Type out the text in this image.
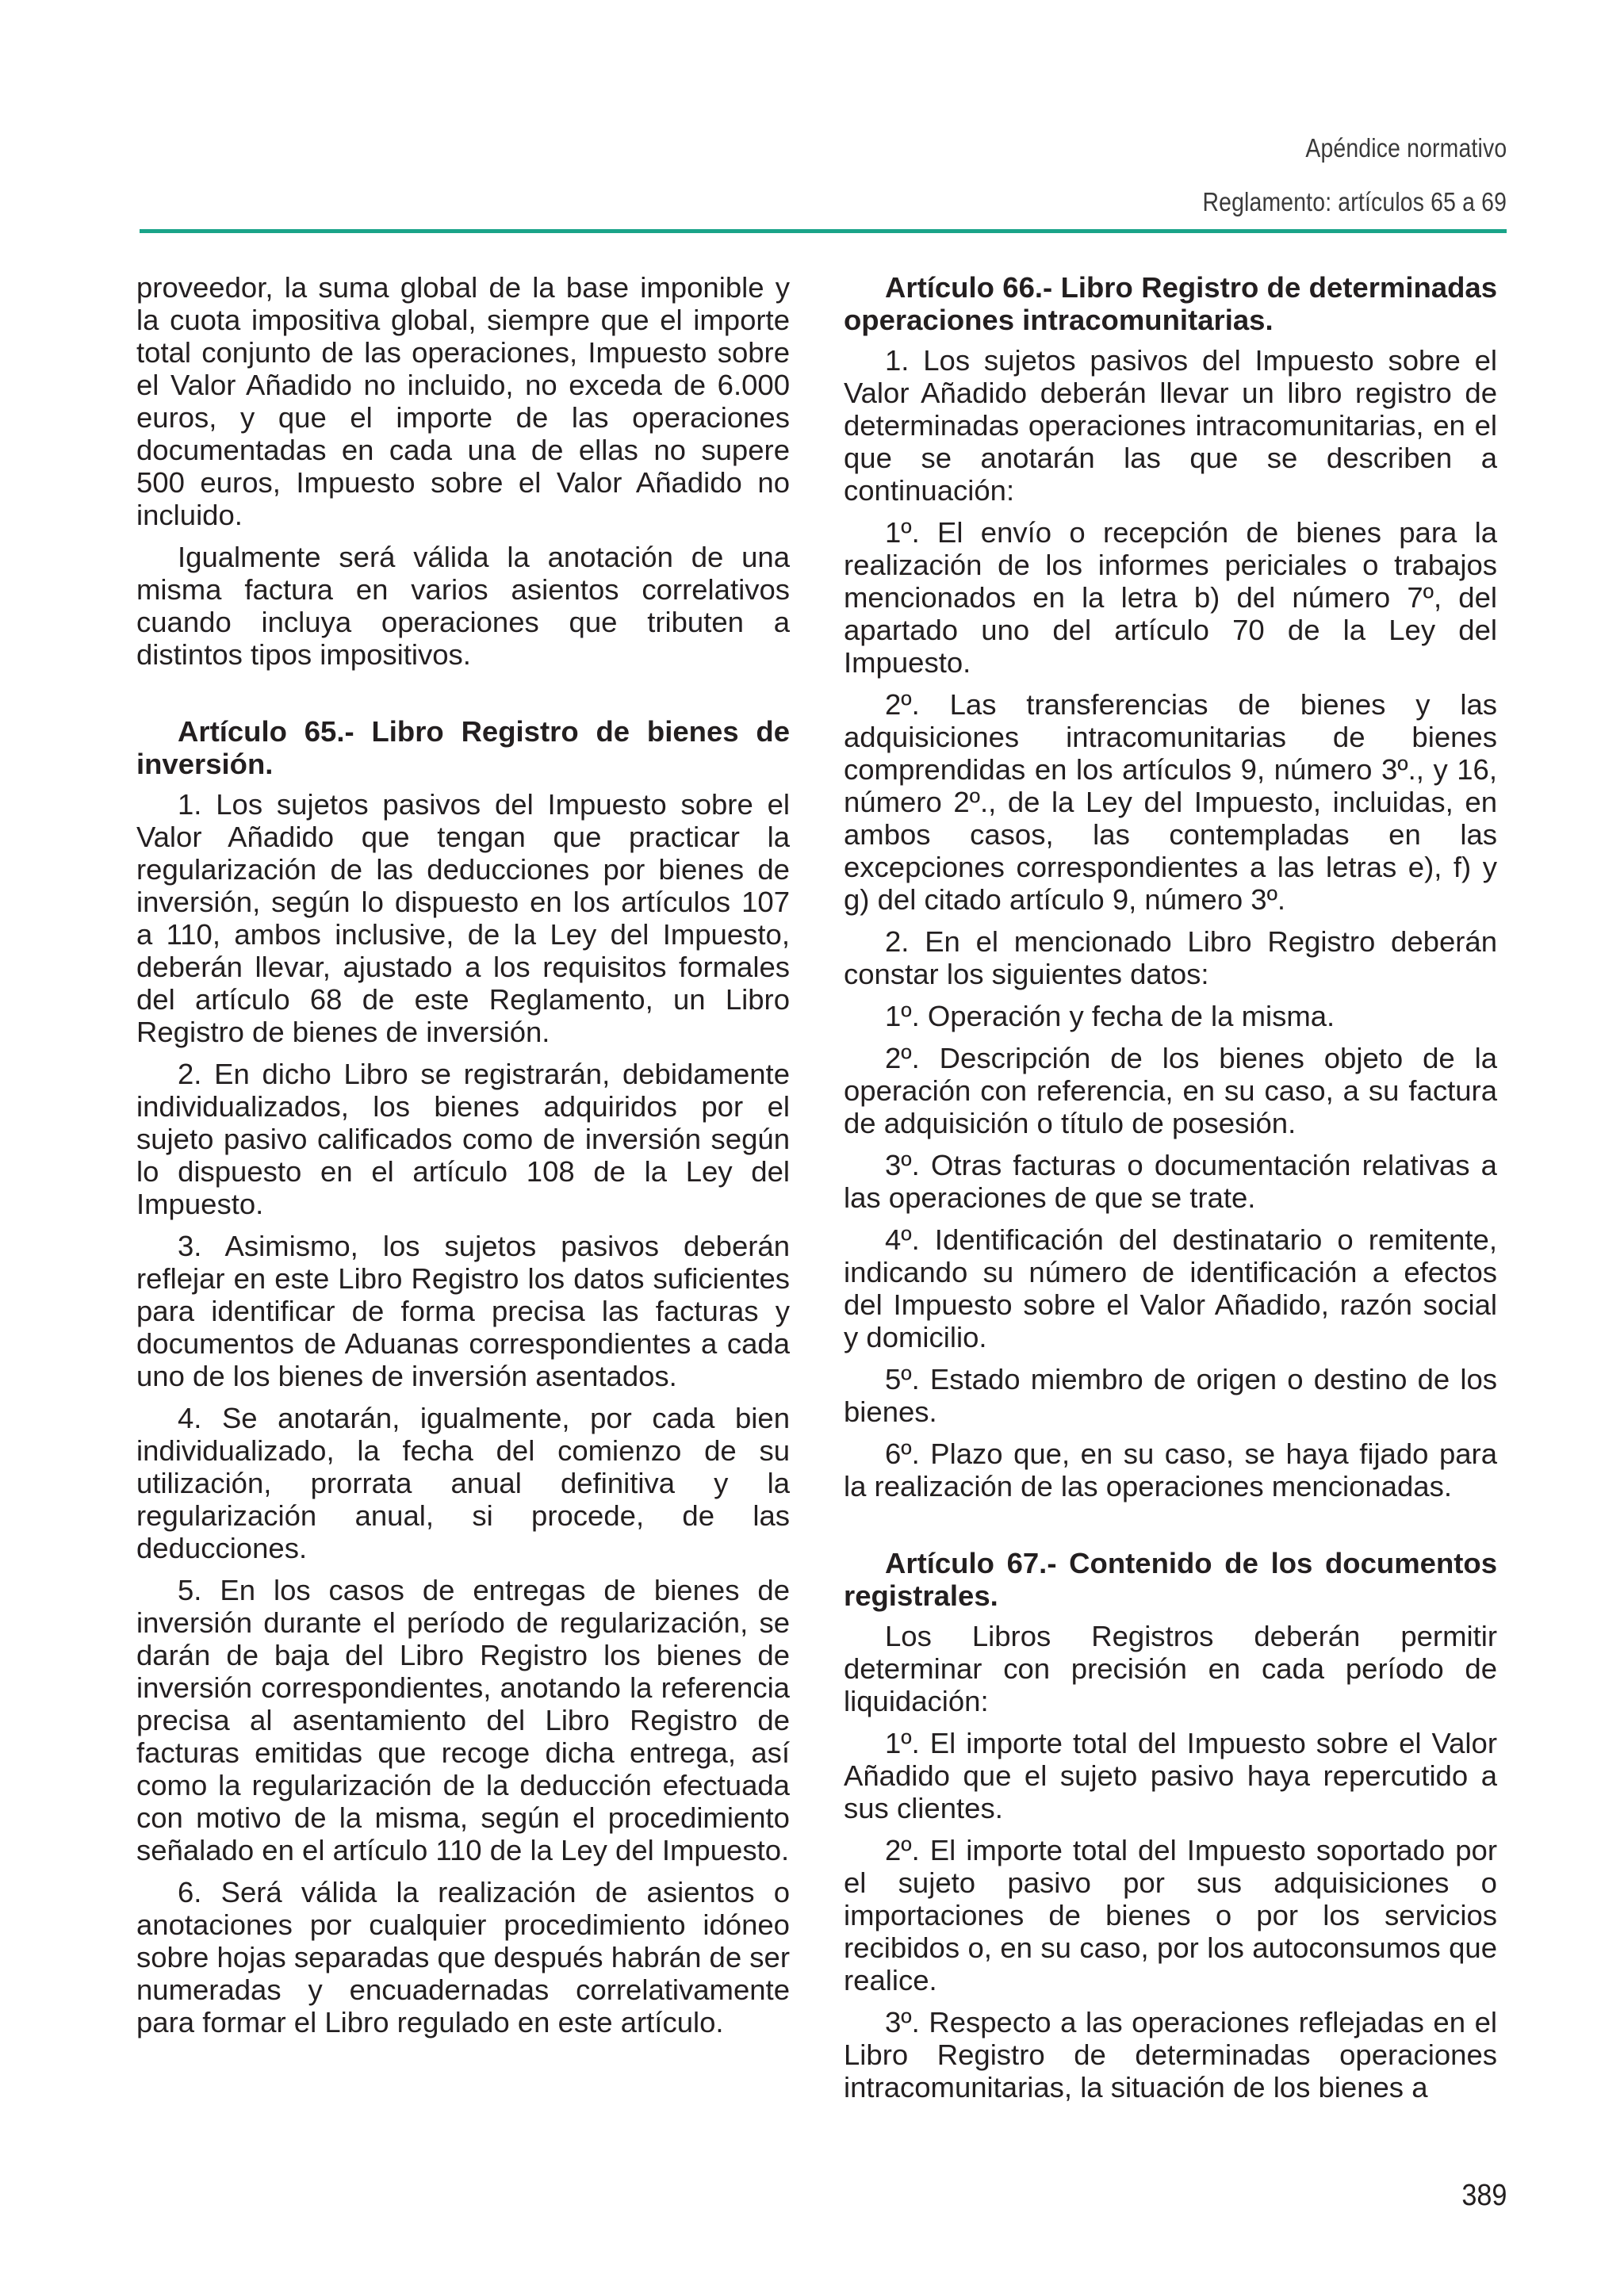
Apéndice normativo
Reglamento: artículos 65 a 69

proveedor, la suma global de la base imponible y la cuota impositiva global, siempre que el importe total conjunto de las operaciones, Impuesto sobre el Valor Añadido no incluido, no exceda de 6.000 euros, y que el importe de las operaciones documentadas en cada una de ellas no supere 500 euros, Impuesto sobre el Valor Añadido no incluido.

Igualmente será válida la anotación de una misma factura en varios asientos correlativos cuando incluya operaciones que tributen a distintos tipos impositivos.

Artículo 65.- Libro Registro de bienes de inversión.

1. Los sujetos pasivos del Impuesto sobre el Valor Añadido que tengan que practicar la regularización de las deducciones por bienes de inversión, según lo dispuesto en los artículos 107 a 110, ambos inclusive, de la Ley del Impuesto, deberán llevar, ajustado a los requisitos formales del artículo 68 de este Reglamento, un Libro Registro de bienes de inversión.

2. En dicho Libro se registrarán, debidamente individualizados, los bienes adquiridos por el sujeto pasivo calificados como de inversión según lo dispuesto en el artículo 108 de la Ley del Impuesto.

3. Asimismo, los sujetos pasivos deberán reflejar en este Libro Registro los datos suficientes para identificar de forma precisa las facturas y documentos de Aduanas correspondientes a cada uno de los bienes de inversión asentados.

4. Se anotarán, igualmente, por cada bien individualizado, la fecha del comienzo de su utilización, prorrata anual definitiva y la regularización anual, si procede, de las deducciones.

5. En los casos de entregas de bienes de inversión durante el período de regularización, se darán de baja del Libro Registro los bienes de inversión correspondientes, anotando la referencia precisa al asentamiento del Libro Registro de facturas emitidas que recoge dicha entrega, así como la regularización de la deducción efectuada con motivo de la misma, según el procedimiento señalado en el artículo 110 de la Ley del Impuesto.

6. Será válida la realización de asientos o anotaciones por cualquier procedimiento idóneo sobre hojas separadas que después habrán de ser numeradas y encuadernadas correlativamente para formar el Libro regulado en este artículo.

Artículo 66.- Libro Registro de determinadas operaciones intracomunitarias.

1. Los sujetos pasivos del Impuesto sobre el Valor Añadido deberán llevar un libro registro de determinadas operaciones intracomunitarias, en el que se anotarán las que se describen a continuación:

1º. El envío o recepción de bienes para la realización de los informes periciales o trabajos mencionados en la letra b) del número 7º, del apartado uno del artículo 70 de la Ley del Impuesto.

2º. Las transferencias de bienes y las adquisiciones intracomunitarias de bienes comprendidas en los artículos 9, número 3º., y 16, número 2º., de la Ley del Impuesto, incluidas, en ambos casos, las contempladas en las excepciones correspondientes a las letras e), f) y g) del citado artículo 9, número 3º.

2. En el mencionado Libro Registro deberán constar los siguientes datos:

1º. Operación y fecha de la misma.

2º. Descripción de los bienes objeto de la operación con referencia, en su caso, a su factura de adquisición o título de posesión.

3º. Otras facturas o documentación relativas a las operaciones de que se trate.

4º. Identificación del destinatario o remitente, indicando su número de identificación a efectos del Impuesto sobre el Valor Añadido, razón social y domicilio.

5º. Estado miembro de origen o destino de los bienes.

6º. Plazo que, en su caso, se haya fijado para la realización de las operaciones mencionadas.

Artículo 67.- Contenido de los documentos registrales.

Los Libros Registros deberán permitir determinar con precisión en cada período de liquidación:

1º. El importe total del Impuesto sobre el Valor Añadido que el sujeto pasivo haya repercutido a sus clientes.

2º. El importe total del Impuesto soportado por el sujeto pasivo por sus adquisiciones o importaciones de bienes o por los servicios recibidos o, en su caso, por los autoconsumos que realice.

3º. Respecto a las operaciones reflejadas en el Libro Registro de determinadas operaciones intracomunitarias, la situación de los bienes a

389
